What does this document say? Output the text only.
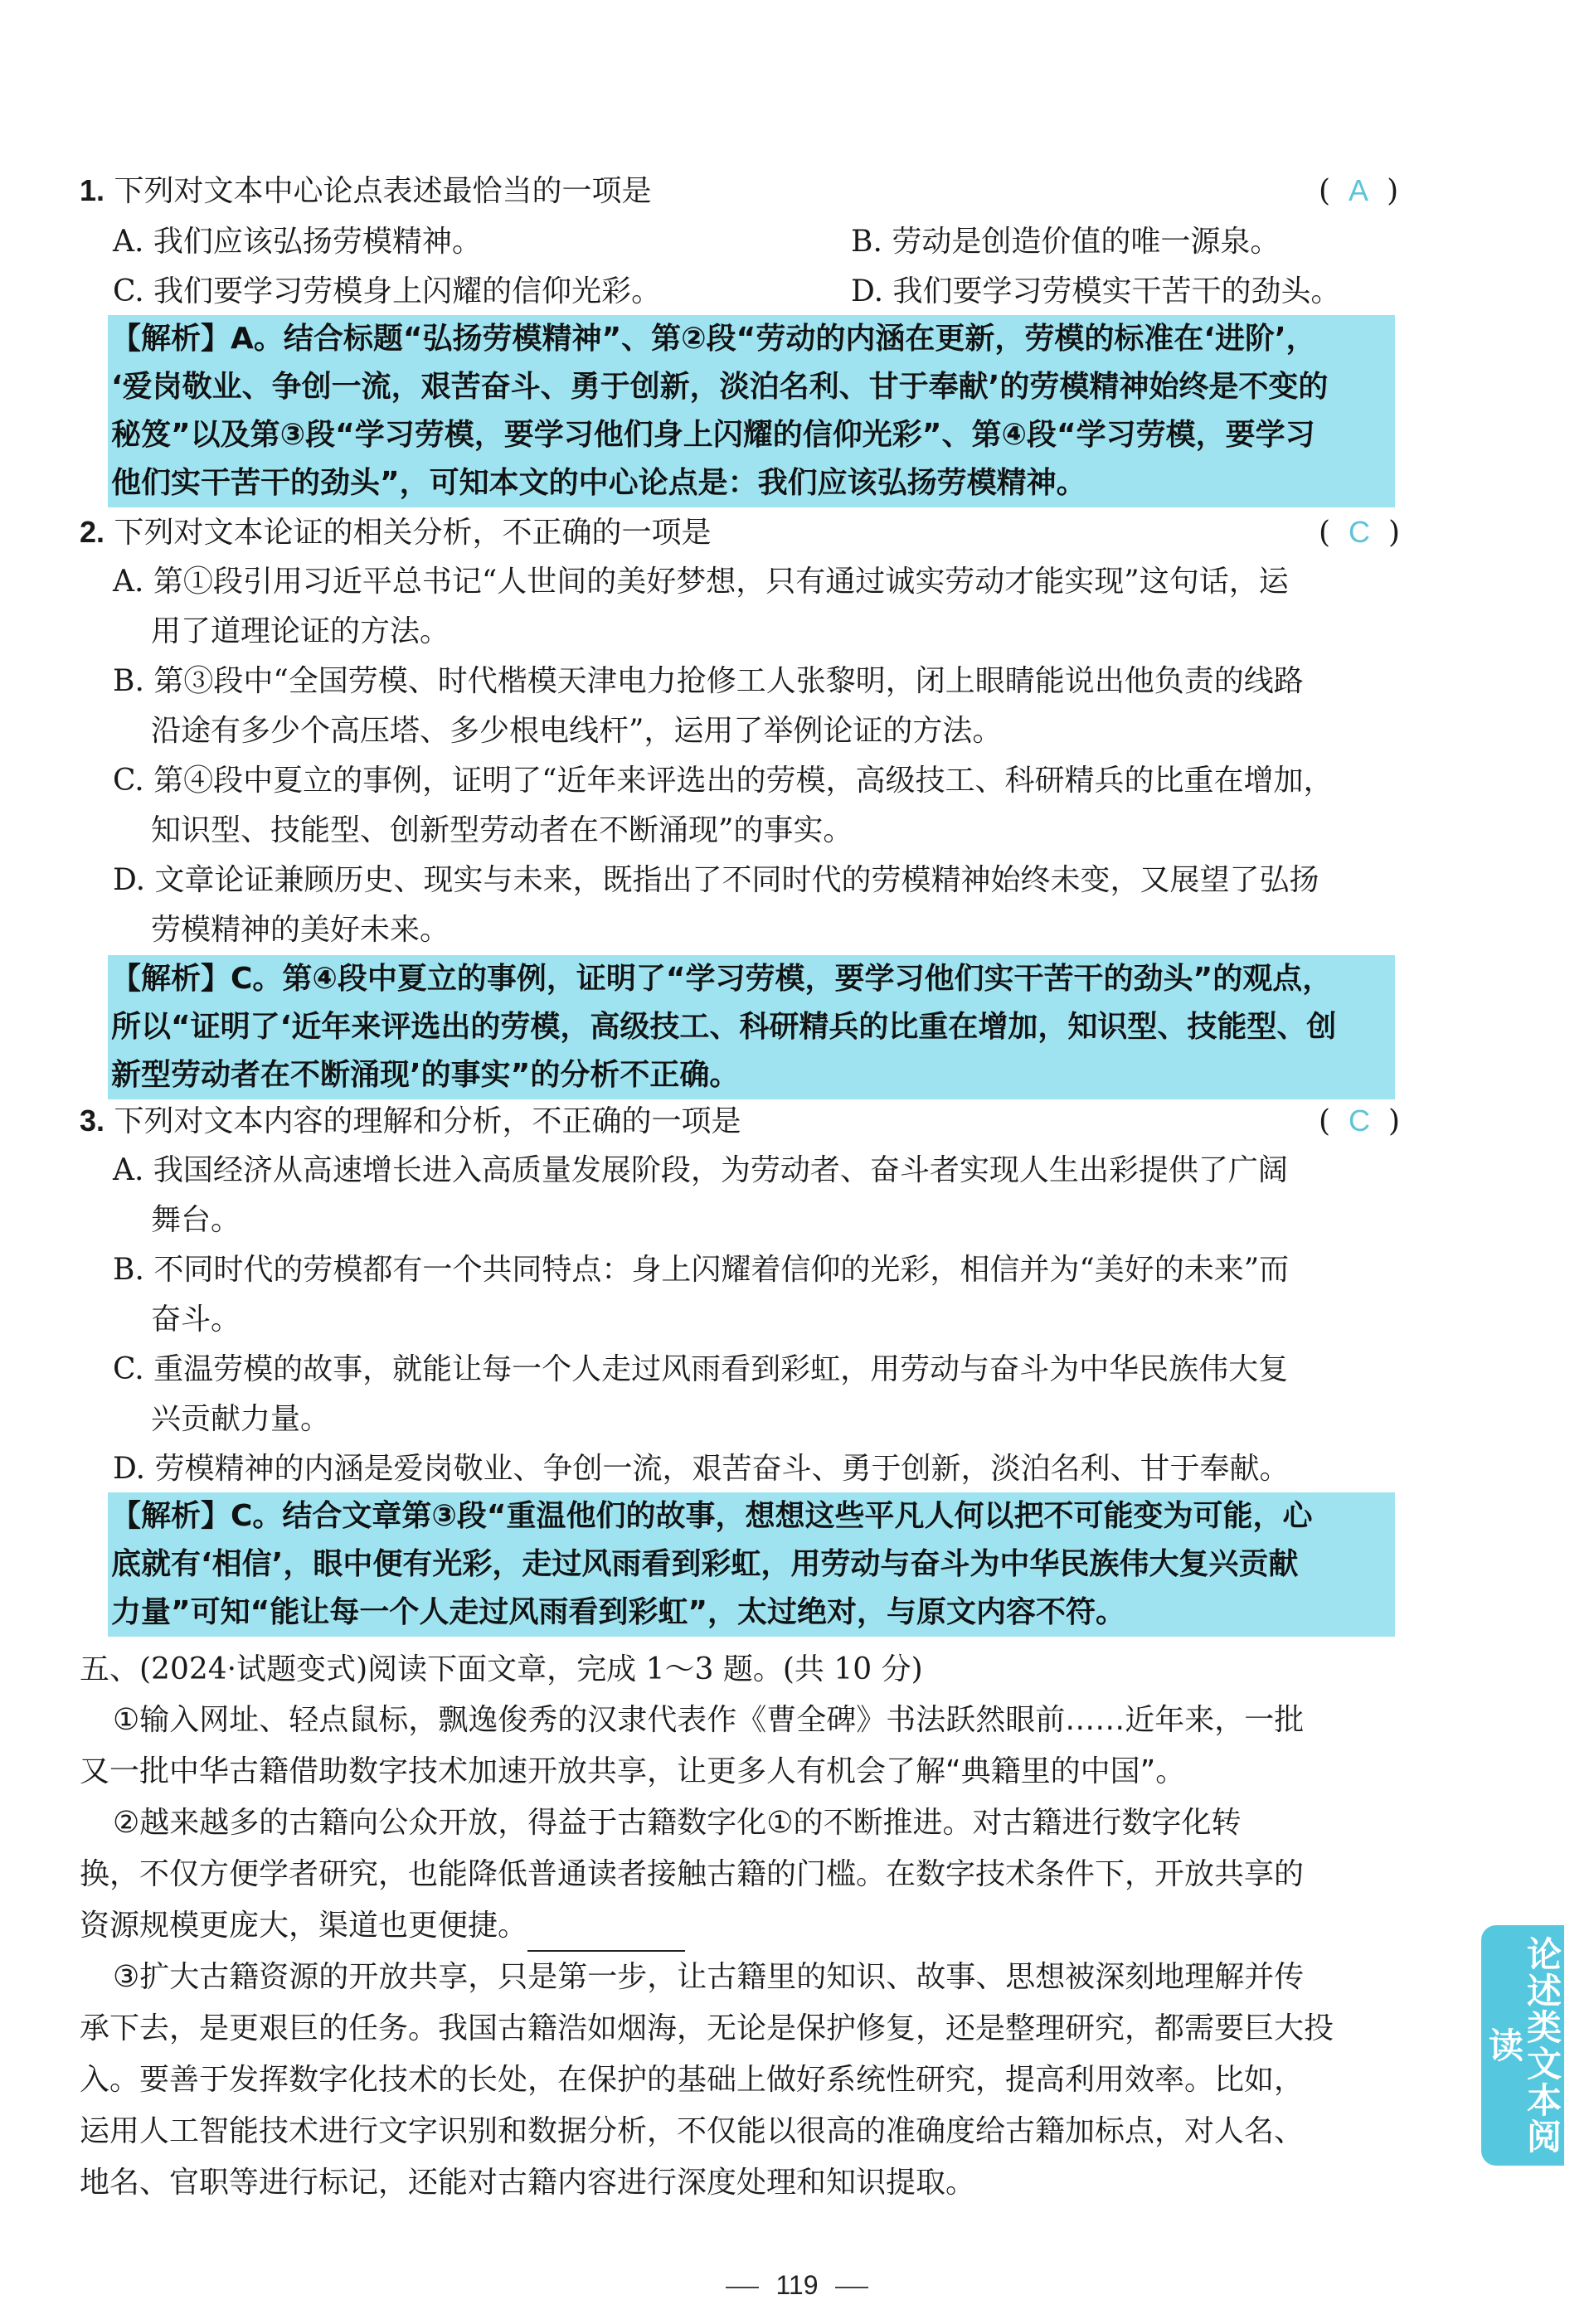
1. 下列对文本中心论点表述最恰当的一项是	( A )
A. 我们应该弘扬劳模精神。	B. 劳动是创造价值的唯一源泉。
C. 我们要学习劳模身上闪耀的信仰光彩。	D. 我们要学习劳模实干苦干的劲头。
【解析】A。结合标题“弘扬劳模精神”、第②段“劳动的内涵在更新，劳模的标准在‘进阶’，
‘爱岗敬业、争创一流，艰苦奋斗、勇于创新，淡泊名利、甘于奉献’的劳模精神始终是不变的
秘笈”以及第③段“学习劳模，要学习他们身上闪耀的信仰光彩”、第④段“学习劳模，要学习
他们实干苦干的劲头”，可知本文的中心论点是：我们应该弘扬劳模精神。
2. 下列对文本论证的相关分析，不正确的一项是	( C )
A. 第①段引用习近平总书记“人世间的美好梦想，只有通过诚实劳动才能实现”这句话，运
用了道理论证的方法。
B. 第③段中“全国劳模、时代楷模天津电力抢修工人张黎明，闭上眼睛能说出他负责的线路
沿途有多少个高压塔、多少根电线杆”，运用了举例论证的方法。
C. 第④段中夏立的事例，证明了“近年来评选出的劳模，高级技工、科研精兵的比重在增加，
知识型、技能型、创新型劳动者在不断涌现”的事实。
D. 文章论证兼顾历史、现实与未来，既指出了不同时代的劳模精神始终未变，又展望了弘扬
劳模精神的美好未来。
【解析】C。第④段中夏立的事例，证明了“学习劳模，要学习他们实干苦干的劲头”的观点，
所以“证明了‘近年来评选出的劳模，高级技工、科研精兵的比重在增加，知识型、技能型、创
新型劳动者在不断涌现’的事实”的分析不正确。
3. 下列对文本内容的理解和分析，不正确的一项是	( C )
A. 我国经济从高速增长进入高质量发展阶段，为劳动者、奋斗者实现人生出彩提供了广阔
舞台。
B. 不同时代的劳模都有一个共同特点：身上闪耀着信仰的光彩，相信并为“美好的未来”而
奋斗。
C. 重温劳模的故事，就能让每一个人走过风雨看到彩虹，用劳动与奋斗为中华民族伟大复
兴贡献力量。
D. 劳模精神的内涵是爱岗敬业、争创一流，艰苦奋斗、勇于创新，淡泊名利、甘于奉献。
【解析】C。结合文章第③段“重温他们的故事，想想这些平凡人何以把不可能变为可能，心
底就有‘相信’，眼中便有光彩，走过风雨看到彩虹，用劳动与奋斗为中华民族伟大复兴贡献
力量”可知“能让每一个人走过风雨看到彩虹”，太过绝对，与原文内容不符。
五、(2024·试题变式)阅读下面文章，完成 1～3 题。(共 10 分)
①输入网址、轻点鼠标，飘逸俊秀的汉隶代表作《曹全碑》书法跃然眼前……近年来，一批
又一批中华古籍借助数字技术加速开放共享，让更多人有机会了解“典籍里的中国”。
②越来越多的古籍向公众开放，得益于古籍数字化①的不断推进。对古籍进行数字化转
换，不仅方便学者研究，也能降低普通读者接触古籍的门槛。在数字技术条件下，开放共享的
资源规模更庞大，渠道也更便捷。
③扩大古籍资源的开放共享，只是第一步，让古籍里的知识、故事、思想被深刻地理解并传
承下去，是更艰巨的任务。我国古籍浩如烟海，无论是保护修复，还是整理研究，都需要巨大投
入。要善于发挥数字化技术的长处，在保护的基础上做好系统性研究，提高利用效率。比如，
运用人工智能技术进行文字识别和数据分析，不仅能以很高的准确度给古籍加标点，对人名、
地名、官职等进行标记，还能对古籍内容进行深度处理和知识提取。
论述类文本阅读
119
